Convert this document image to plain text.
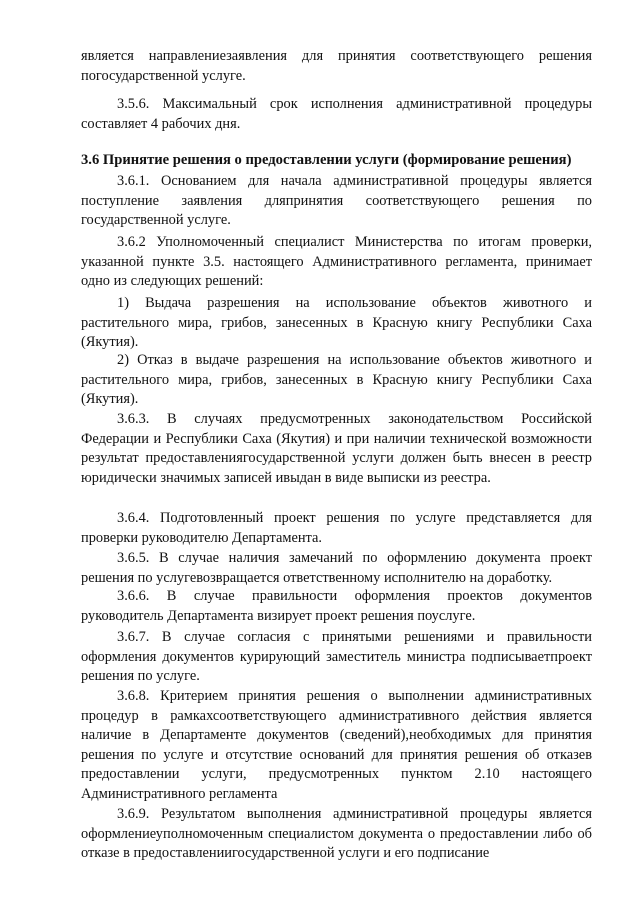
является направлениезаявления для принятия соответствующего решения погосударственной услуге.

3.5.6. Максимальный срок исполнения административной процедуры составляет 4 рабочих дня.

3.6 Принятие решения о предоставлении услуги (формирование решения)

3.6.1. Основанием для начала административной процедуры является поступление заявления дляпринятия соответствующего решения по государственной услуге.

3.6.2 Уполномоченный специалист Министерства по итогам проверки, указанной пункте 3.5. настоящего Административного регламента, принимает одно из следующих решений:

1) Выдача разрешения на использование объектов животного и растительного мира, грибов, занесенных в Красную книгу Республики Саха (Якутия).

2) Отказ в выдаче разрешения на использование объектов животного и растительного мира, грибов, занесенных в Красную книгу Республики Саха (Якутия).

3.6.3. В случаях предусмотренных законодательством Российской Федерации и Республики Саха (Якутия) и при наличии технической возможности результат предоставлениягосударственной услуги должен быть внесен в реестр юридически значимых записей ивыдан в виде выписки из реестра.

3.6.4. Подготовленный проект решения по услуге представляется для проверки руководителю Департамента.

3.6.5. В случае наличия замечаний по оформлению документа проект решения по услугевозвращается ответственному исполнителю на доработку.

3.6.6. В случае правильности оформления проектов документов руководитель Департамента визирует проект решения поуслуге.

3.6.7. В случае согласия с принятыми решениями и правильности оформления документов курирующий заместитель министра подписываетпроект решения по услуге.

3.6.8. Критерием принятия решения о выполнении административных процедур в рамкахсоответствующего административного действия является наличие в Департаменте документов (сведений),необходимых для принятия решения по услуге и отсутствие оснований для принятия решения об отказев предоставлении услуги, предусмотренных пунктом 2.10 настоящего Административного регламента

3.6.9. Результатом выполнения административной процедуры является оформлениеуполномоченным специалистом документа о предоставлении либо об отказе в предоставлениигосударственной услуги и его подписание
